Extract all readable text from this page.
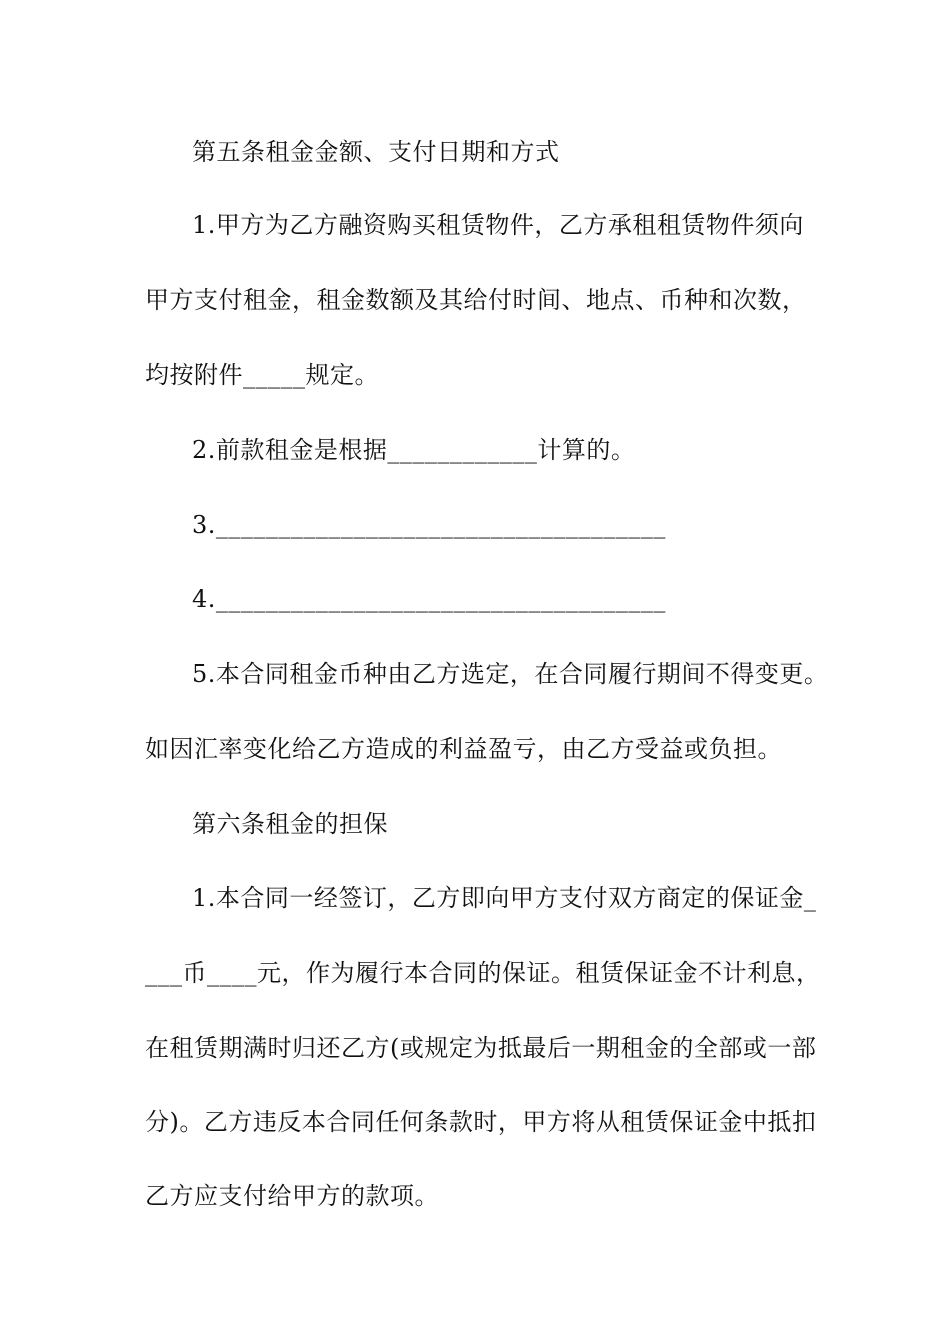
第五条租金金额、支付日期和方式
1.甲方为乙方融资购买租赁物件，乙方承租租赁物件须向
甲方支付租金，租金数额及其给付时间、地点、币种和次数，
均按附件_____规定。
2.前款租金是根据____________计算的。
3.____________________________________
4.____________________________________
5.本合同租金币种由乙方选定，在合同履行期间不得变更。
如因汇率变化给乙方造成的利益盈亏，由乙方受益或负担。
第六条租金的担保
1.本合同一经签订，乙方即向甲方支付双方商定的保证金_
___币____元，作为履行本合同的保证。租赁保证金不计利息，
在租赁期满时归还乙方(或规定为抵最后一期租金的全部或一部
分)。乙方违反本合同任何条款时，甲方将从租赁保证金中抵扣
乙方应支付给甲方的款项。
